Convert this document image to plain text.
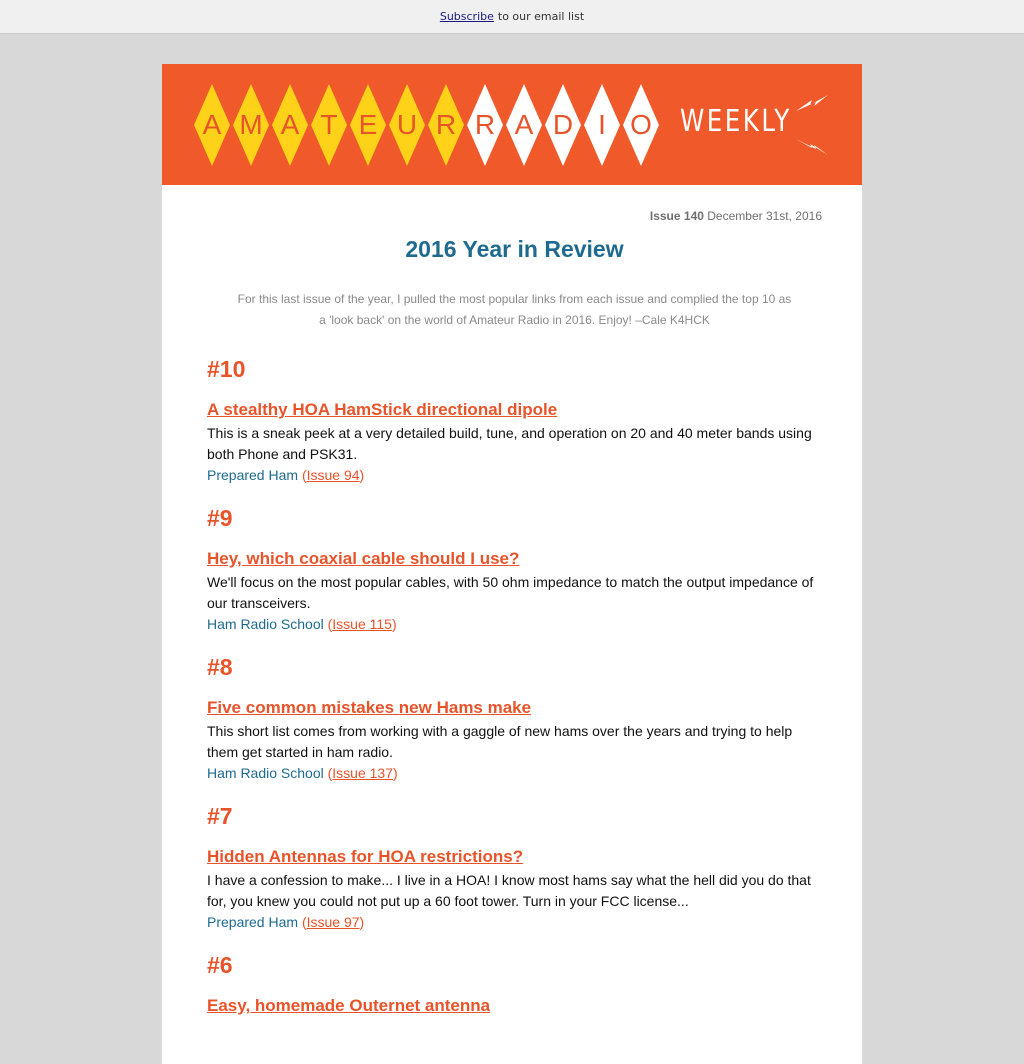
Subscribe to our email list
A M A T E U R R A D I O WEEKLY
Issue 140 December 31st, 2016
2016 Year in Review
For this last issue of the year, I pulled the most popular links from each issue and complied the top 10 as a 'look back' on the world of Amateur Radio in 2016. Enjoy! –Cale K4HCK
#10
A stealthy HOA HamStick directional dipole
This is a sneak peek at a very detailed build, tune, and operation on 20 and 40 meter bands using both Phone and PSK31.
Prepared Ham (Issue 94)
#9
Hey, which coaxial cable should I use?
We'll focus on the most popular cables, with 50 ohm impedance to match the output impedance of our transceivers.
Ham Radio School (Issue 115)
#8
Five common mistakes new Hams make
This short list comes from working with a gaggle of new hams over the years and trying to help them get started in ham radio.
Ham Radio School (Issue 137)
#7
Hidden Antennas for HOA restrictions?
I have a confession to make... I live in a HOA! I know most hams say what the hell did you do that for, you knew you could not put up a 60 foot tower. Turn in your FCC license...
Prepared Ham (Issue 97)
#6
Easy, homemade Outernet antenna
